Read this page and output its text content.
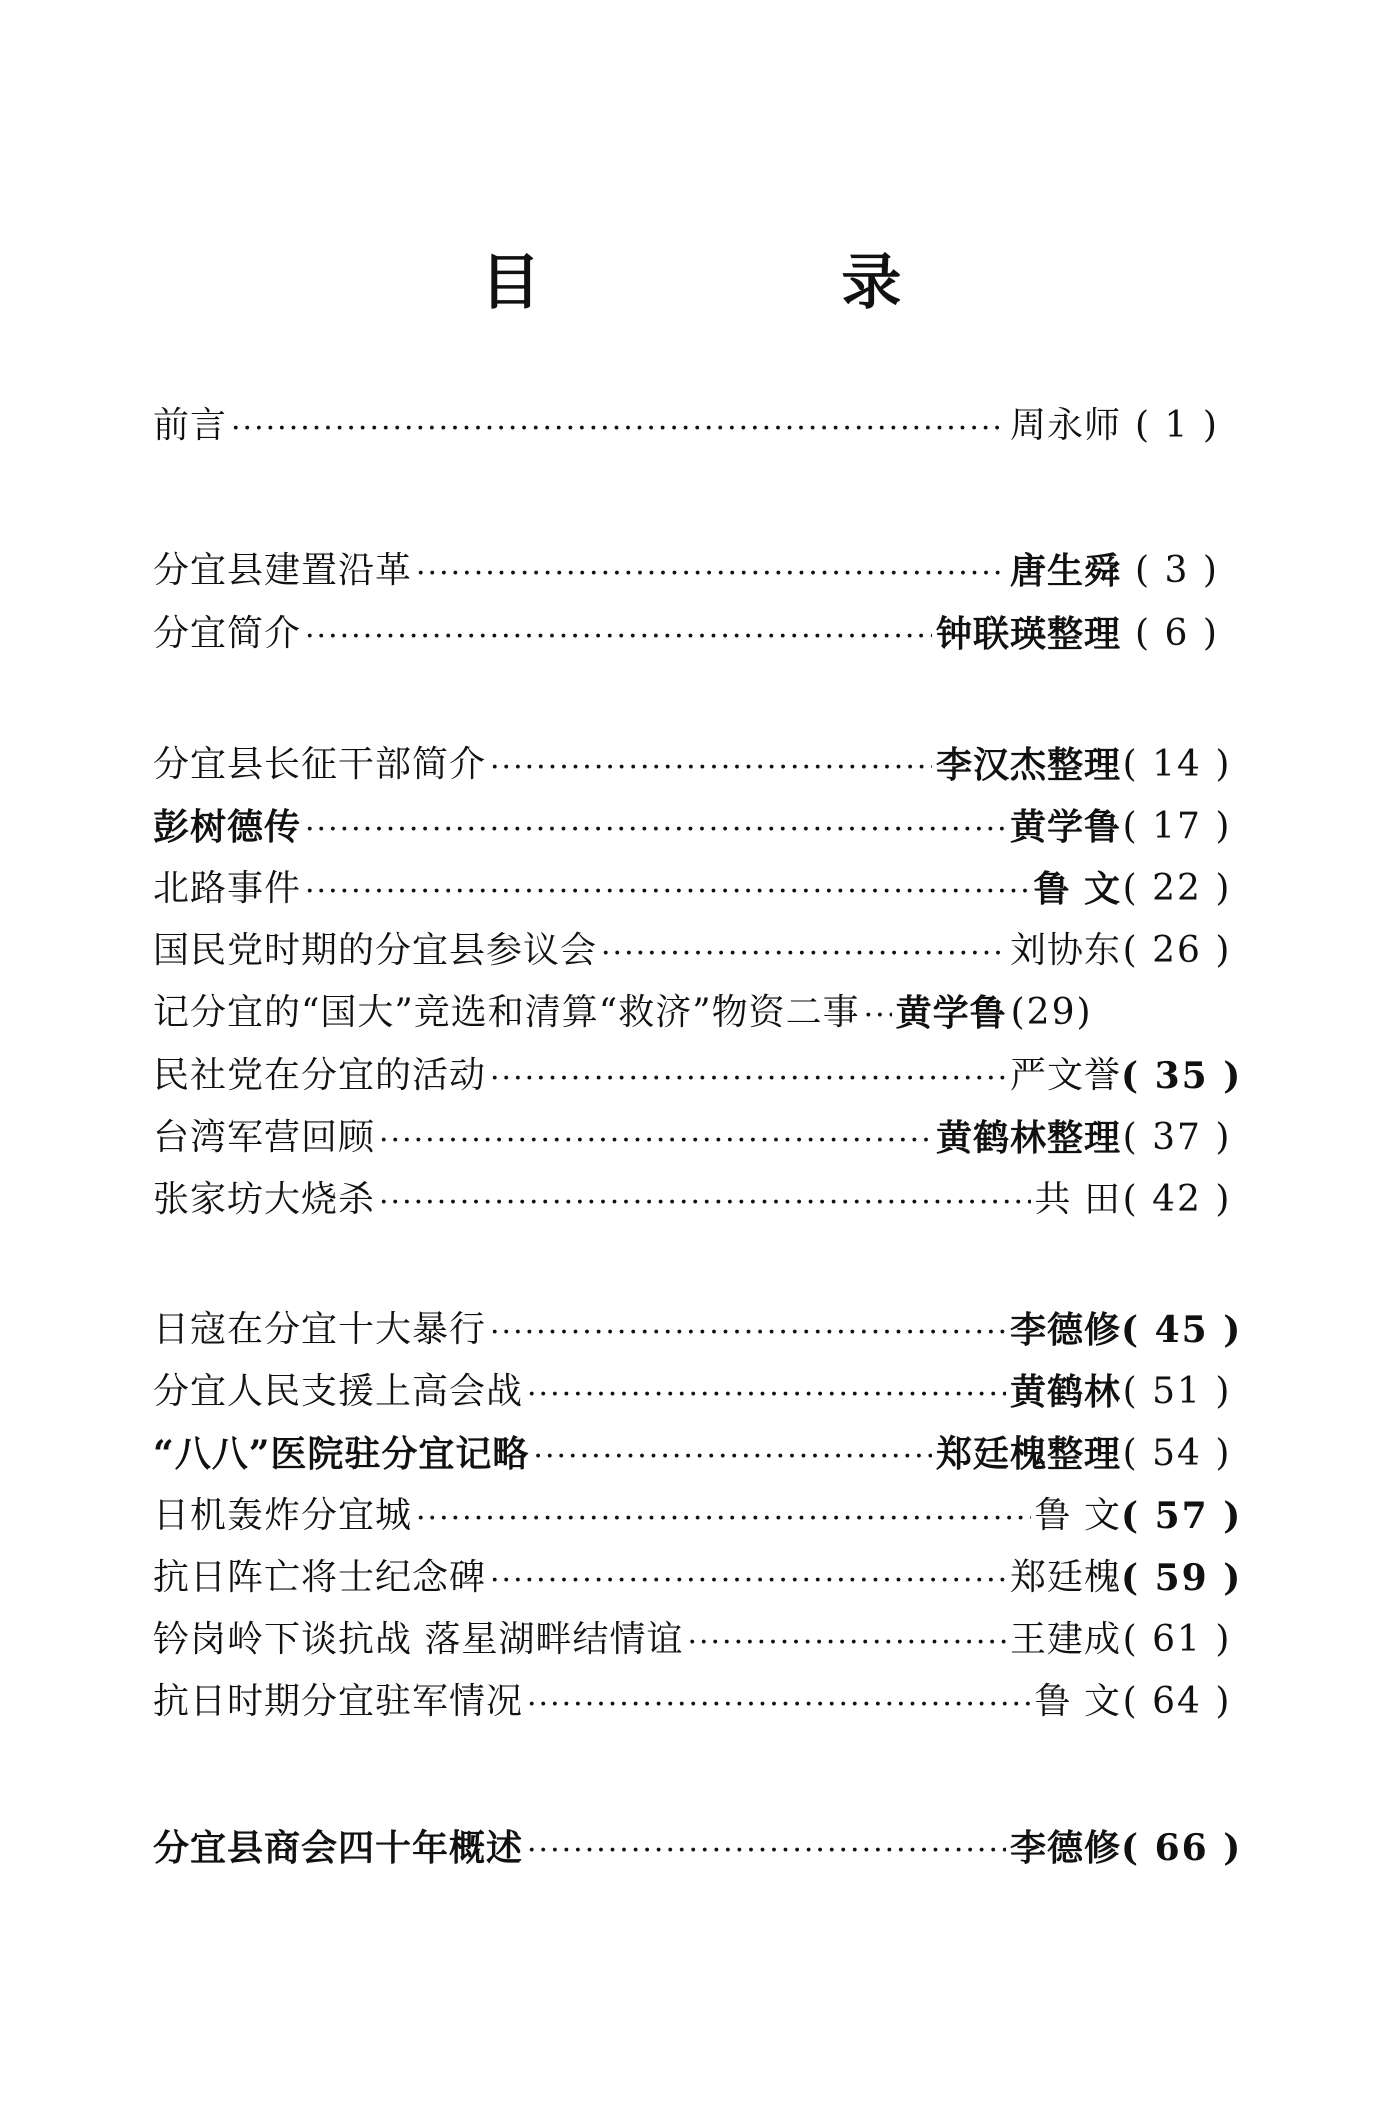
目 录
前言 ·····	周永师 ( 1 )
分宜县建置沿革 ·····	唐生舜 ( 3 )
分宜简介 ·····	钟联瑛整理 ( 6 )
分宜县长征干部简介 ·····	李汉杰整理 ( 14 )
彭树德传 ·····	黄学鲁 ( 17 )
北路事件 ·····	鲁 文 ( 22 )
国民党时期的分宜县参议会 ·····	刘协东 ( 26 )
记分宜的“国大”竞选和清算“救济”物资二事 ····· 黄学鲁 (29)
民社党在分宜的活动 ·····	严文誉 ( 35 )
台湾军营回顾 ·····	黄鹤林整理 ( 37 )
张家坊大烧杀 ·····	共 田 ( 42 )
日寇在分宜十大暴行 ·····	李德修 ( 45 )
分宜人民支援上高会战 ·····	黄鹤林 ( 51 )
“八八”医院驻分宜记略 ·····	郑廷槐整理 ( 54 )
日机轰炸分宜城 ·····	鲁 文 ( 57 )
抗日阵亡将士纪念碑 ·····	郑廷槐 ( 59 )
钤岗岭下谈抗战 落星湖畔结情谊 ·····	王建成 ( 61 )
抗日时期分宜驻军情况 ·····	鲁 文 ( 64 )
分宜县商会四十年概述 ·····	李德修 ( 66 )
